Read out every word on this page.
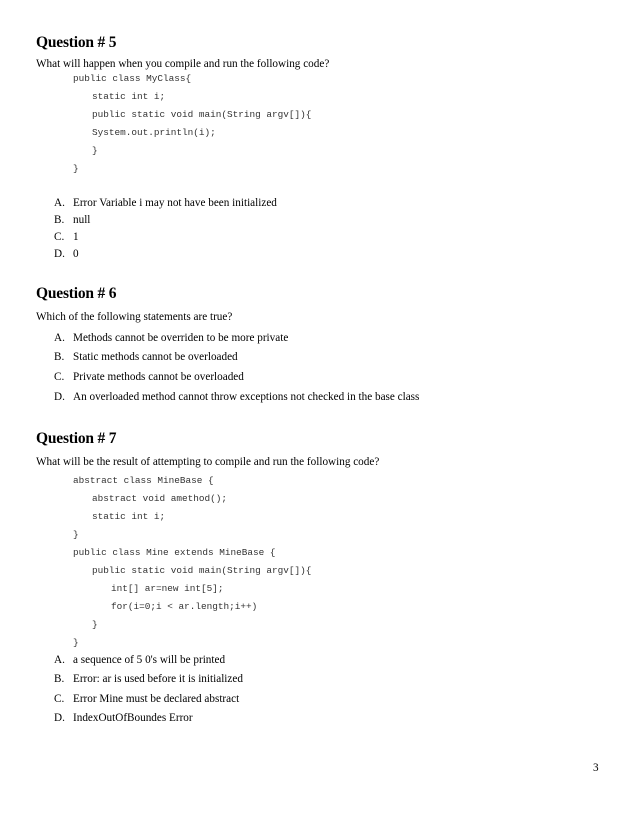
Question # 5
What will happen when you compile and run the following code?
public class MyClass{
static int i;
public static void main(String argv[]){
System.out.println(i);
}
}
A. Error Variable i may not have been initialized
B. null
C. 1
D. 0
Question # 6
Which of the following statements are true?
A. Methods cannot be overriden to be more private
B. Static methods cannot be overloaded
C. Private methods cannot be overloaded
D. An overloaded method cannot throw exceptions not checked in the base class
Question # 7
What will be the result of attempting to compile and run the following code?
abstract class MineBase {
abstract void amethod();
static int i;
}
public class Mine extends MineBase {
public static void main(String argv[]){
int[] ar=new int[5];
for(i=0;i < ar.length;i++)
}
}
A. a sequence of 5 0's will be printed
B. Error: ar is used before it is initialized
C. Error Mine must be declared abstract
D. IndexOutOfBoundes Error
3
